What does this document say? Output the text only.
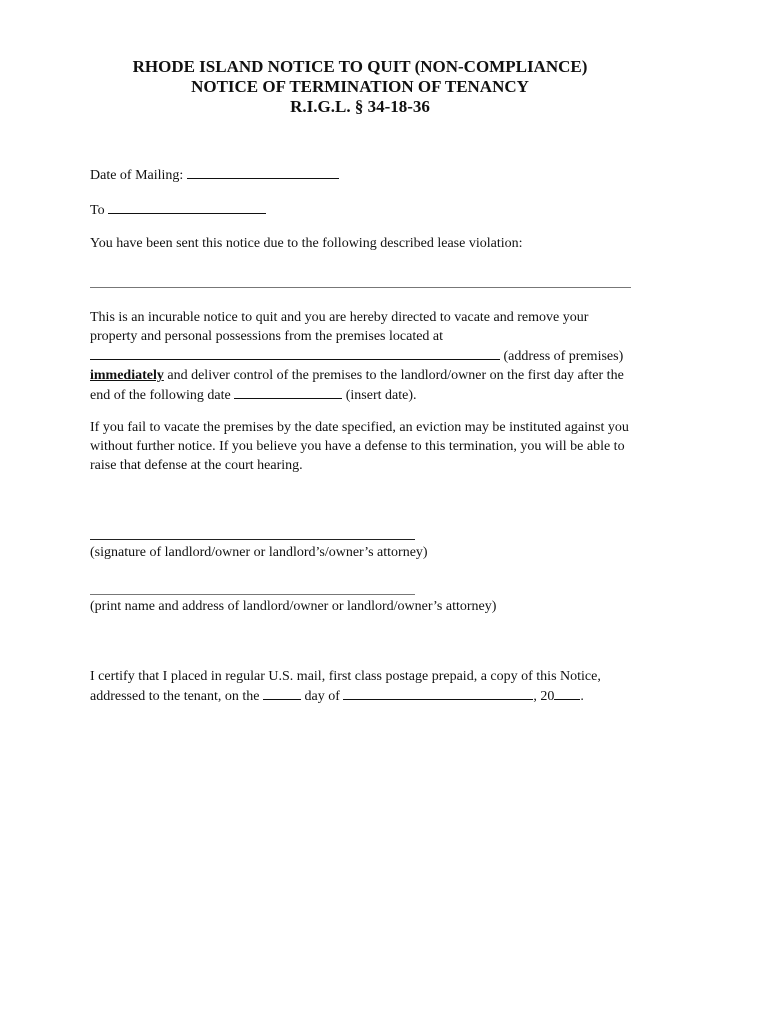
RHODE ISLAND NOTICE TO QUIT (NON-COMPLIANCE)
NOTICE OF TERMINATION OF TENANCY
R.I.G.L. § 34-18-36
Date of Mailing:
To
You have been sent this notice due to the following described lease violation:
This is an incurable notice to quit and you are hereby directed to vacate and remove your
property and personal possessions from the premises located at
(address of premises)
immediately and deliver control of the premises to the landlord/owner on the first day after the
end of the following date	(insert date).
If you fail to vacate the premises by the date specified, an eviction may be instituted against you
without further notice. If you believe you have a defense to this termination, you will be able to
raise that defense at the court hearing.
(signature of landlord/owner or landlord’s/owner’s attorney)
(print name and address of landlord/owner or landlord/owner’s attorney)
I certify that I placed in regular U.S. mail, first class postage prepaid, a copy of this Notice,
addressed to the tenant, on the	day of	, 20 .
